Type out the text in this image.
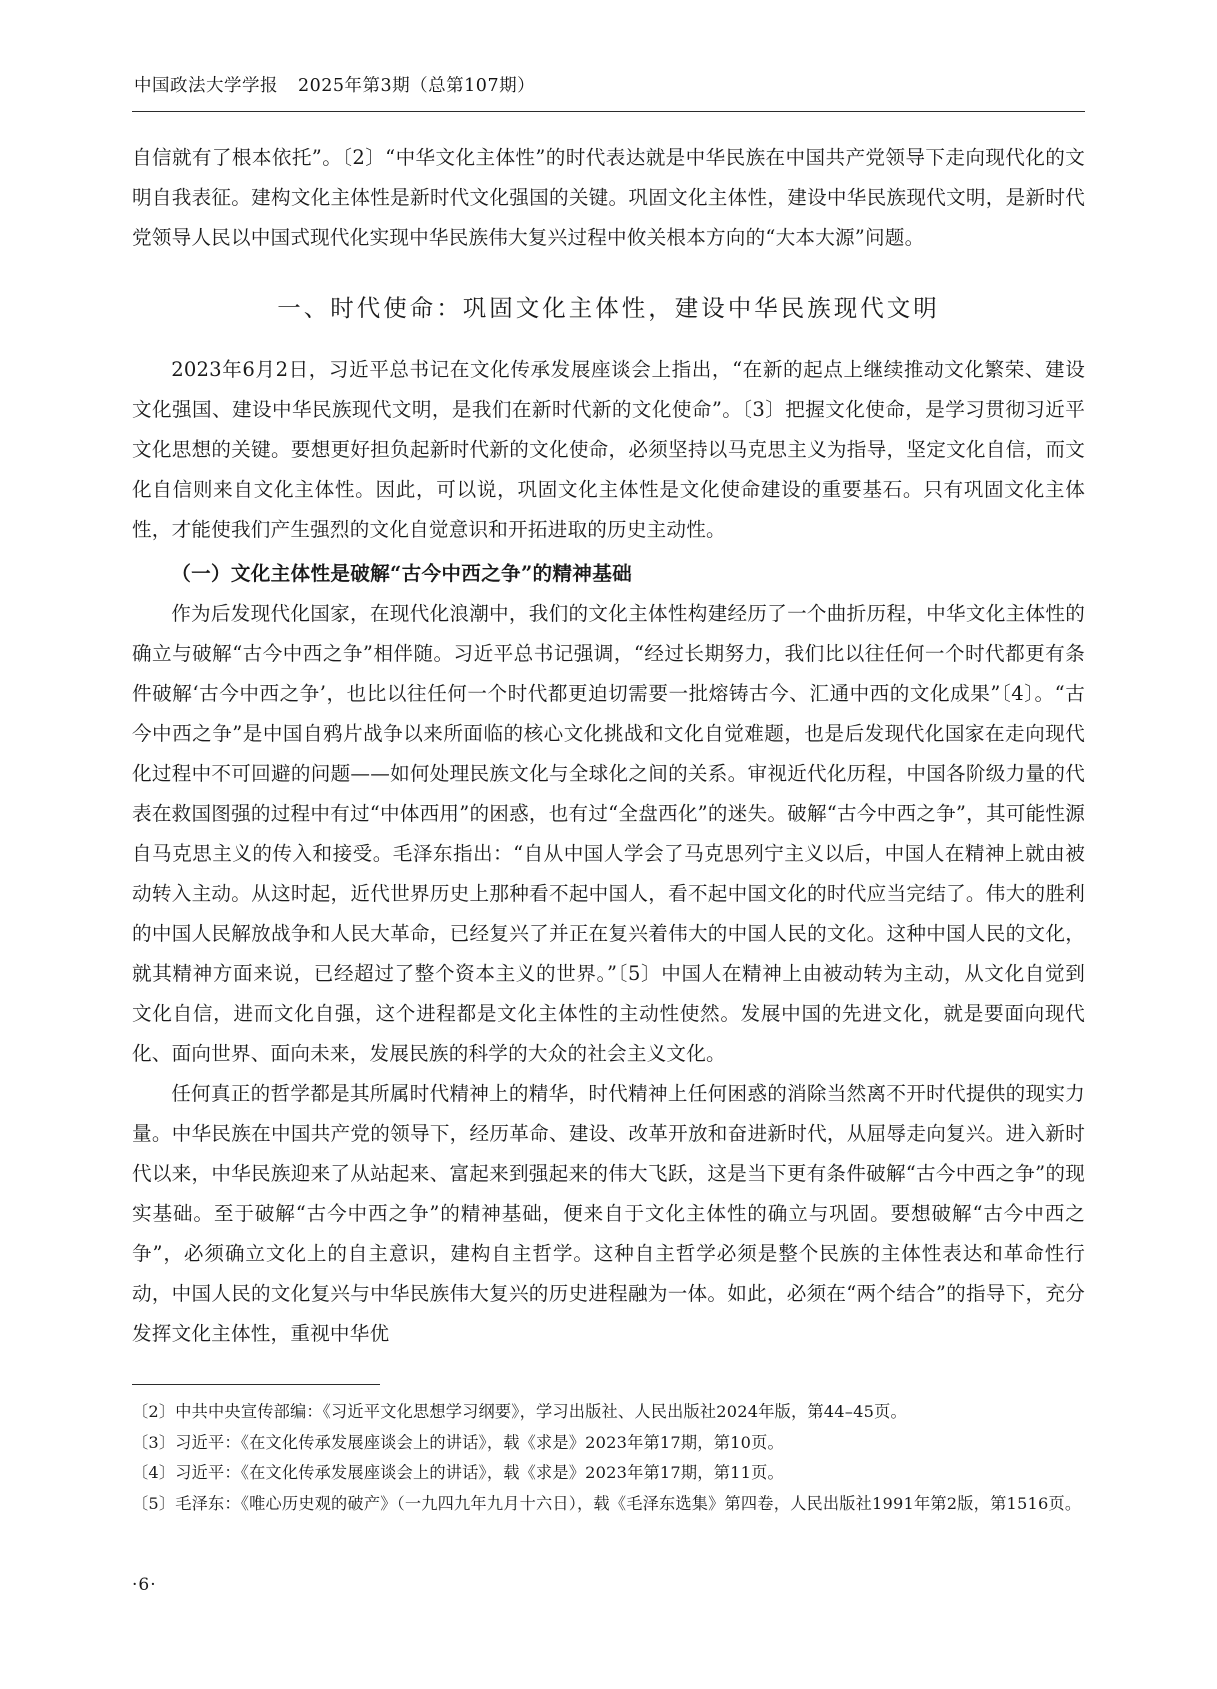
中国政法大学学报 2025年第3期（总第107期）

自信就有了根本依托”。〔2〕“中华文化主体性”的时代表达就是中华民族在中国共产党领导下走向现代化的文明自我表征。建构文化主体性是新时代文化强国的关键。巩固文化主体性，建设中华民族现代文明，是新时代党领导人民以中国式现代化实现中华民族伟大复兴过程中攸关根本方向的“大本大源”问题。

一、时代使命：巩固文化主体性，建设中华民族现代文明

2023年6月2日，习近平总书记在文化传承发展座谈会上指出，“在新的起点上继续推动文化繁荣、建设文化强国、建设中华民族现代文明，是我们在新时代新的文化使命”。〔3〕把握文化使命，是学习贯彻习近平文化思想的关键。要想更好担负起新时代新的文化使命，必须坚持以马克思主义为指导，坚定文化自信，而文化自信则来自文化主体性。因此，可以说，巩固文化主体性是文化使命建设的重要基石。只有巩固文化主体性，才能使我们产生强烈的文化自觉意识和开拓进取的历史主动性。

（一）文化主体性是破解“古今中西之争”的精神基础

作为后发现代化国家，在现代化浪潮中，我们的文化主体性构建经历了一个曲折历程，中华文化主体性的确立与破解“古今中西之争”相伴随。习近平总书记强调，“经过长期努力，我们比以往任何一个时代都更有条件破解‘古今中西之争’，也比以往任何一个时代都更迫切需要一批熔铸古今、汇通中西的文化成果”〔4〕。“古今中西之争”是中国自鸦片战争以来所面临的核心文化挑战和文化自觉难题，也是后发现代化国家在走向现代化过程中不可回避的问题——如何处理民族文化与全球化之间的关系。审视近代化历程，中国各阶级力量的代表在救国图强的过程中有过“中体西用”的困惑，也有过“全盘西化”的迷失。破解“古今中西之争”，其可能性源自马克思主义的传入和接受。毛泽东指出：“自从中国人学会了马克思列宁主义以后，中国人在精神上就由被动转入主动。从这时起，近代世界历史上那种看不起中国人，看不起中国文化的时代应当完结了。伟大的胜利的中国人民解放战争和人民大革命，已经复兴了并正在复兴着伟大的中国人民的文化。这种中国人民的文化，就其精神方面来说，已经超过了整个资本主义的世界。”〔5〕中国人在精神上由被动转为主动，从文化自觉到文化自信，进而文化自强，这个进程都是文化主体性的主动性使然。发展中国的先进文化，就是要面向现代化、面向世界、面向未来，发展民族的科学的大众的社会主义文化。

任何真正的哲学都是其所属时代精神上的精华，时代精神上任何困惑的消除当然离不开时代提供的现实力量。中华民族在中国共产党的领导下，经历革命、建设、改革开放和奋进新时代，从屈辱走向复兴。进入新时代以来，中华民族迎来了从站起来、富起来到强起来的伟大飞跃，这是当下更有条件破解“古今中西之争”的现实基础。至于破解“古今中西之争”的精神基础，便来自于文化主体性的确立与巩固。要想破解“古今中西之争”，必须确立文化上的自主意识，建构自主哲学。这种自主哲学必须是整个民族的主体性表达和革命性行动，中国人民的文化复兴与中华民族伟大复兴的历史进程融为一体。如此，必须在“两个结合”的指导下，充分发挥文化主体性，重视中华优

〔2〕中共中央宣传部编：《习近平文化思想学习纲要》，学习出版社、人民出版社2024年版，第44–45页。

〔3〕习近平：《在文化传承发展座谈会上的讲话》，载《求是》2023年第17期，第10页。

〔4〕习近平：《在文化传承发展座谈会上的讲话》，载《求是》2023年第17期，第11页。

〔5〕毛泽东：《唯心历史观的破产》（一九四九年九月十六日），载《毛泽东选集》第四卷，人民出版社1991年第2版，第1516页。

·6·
